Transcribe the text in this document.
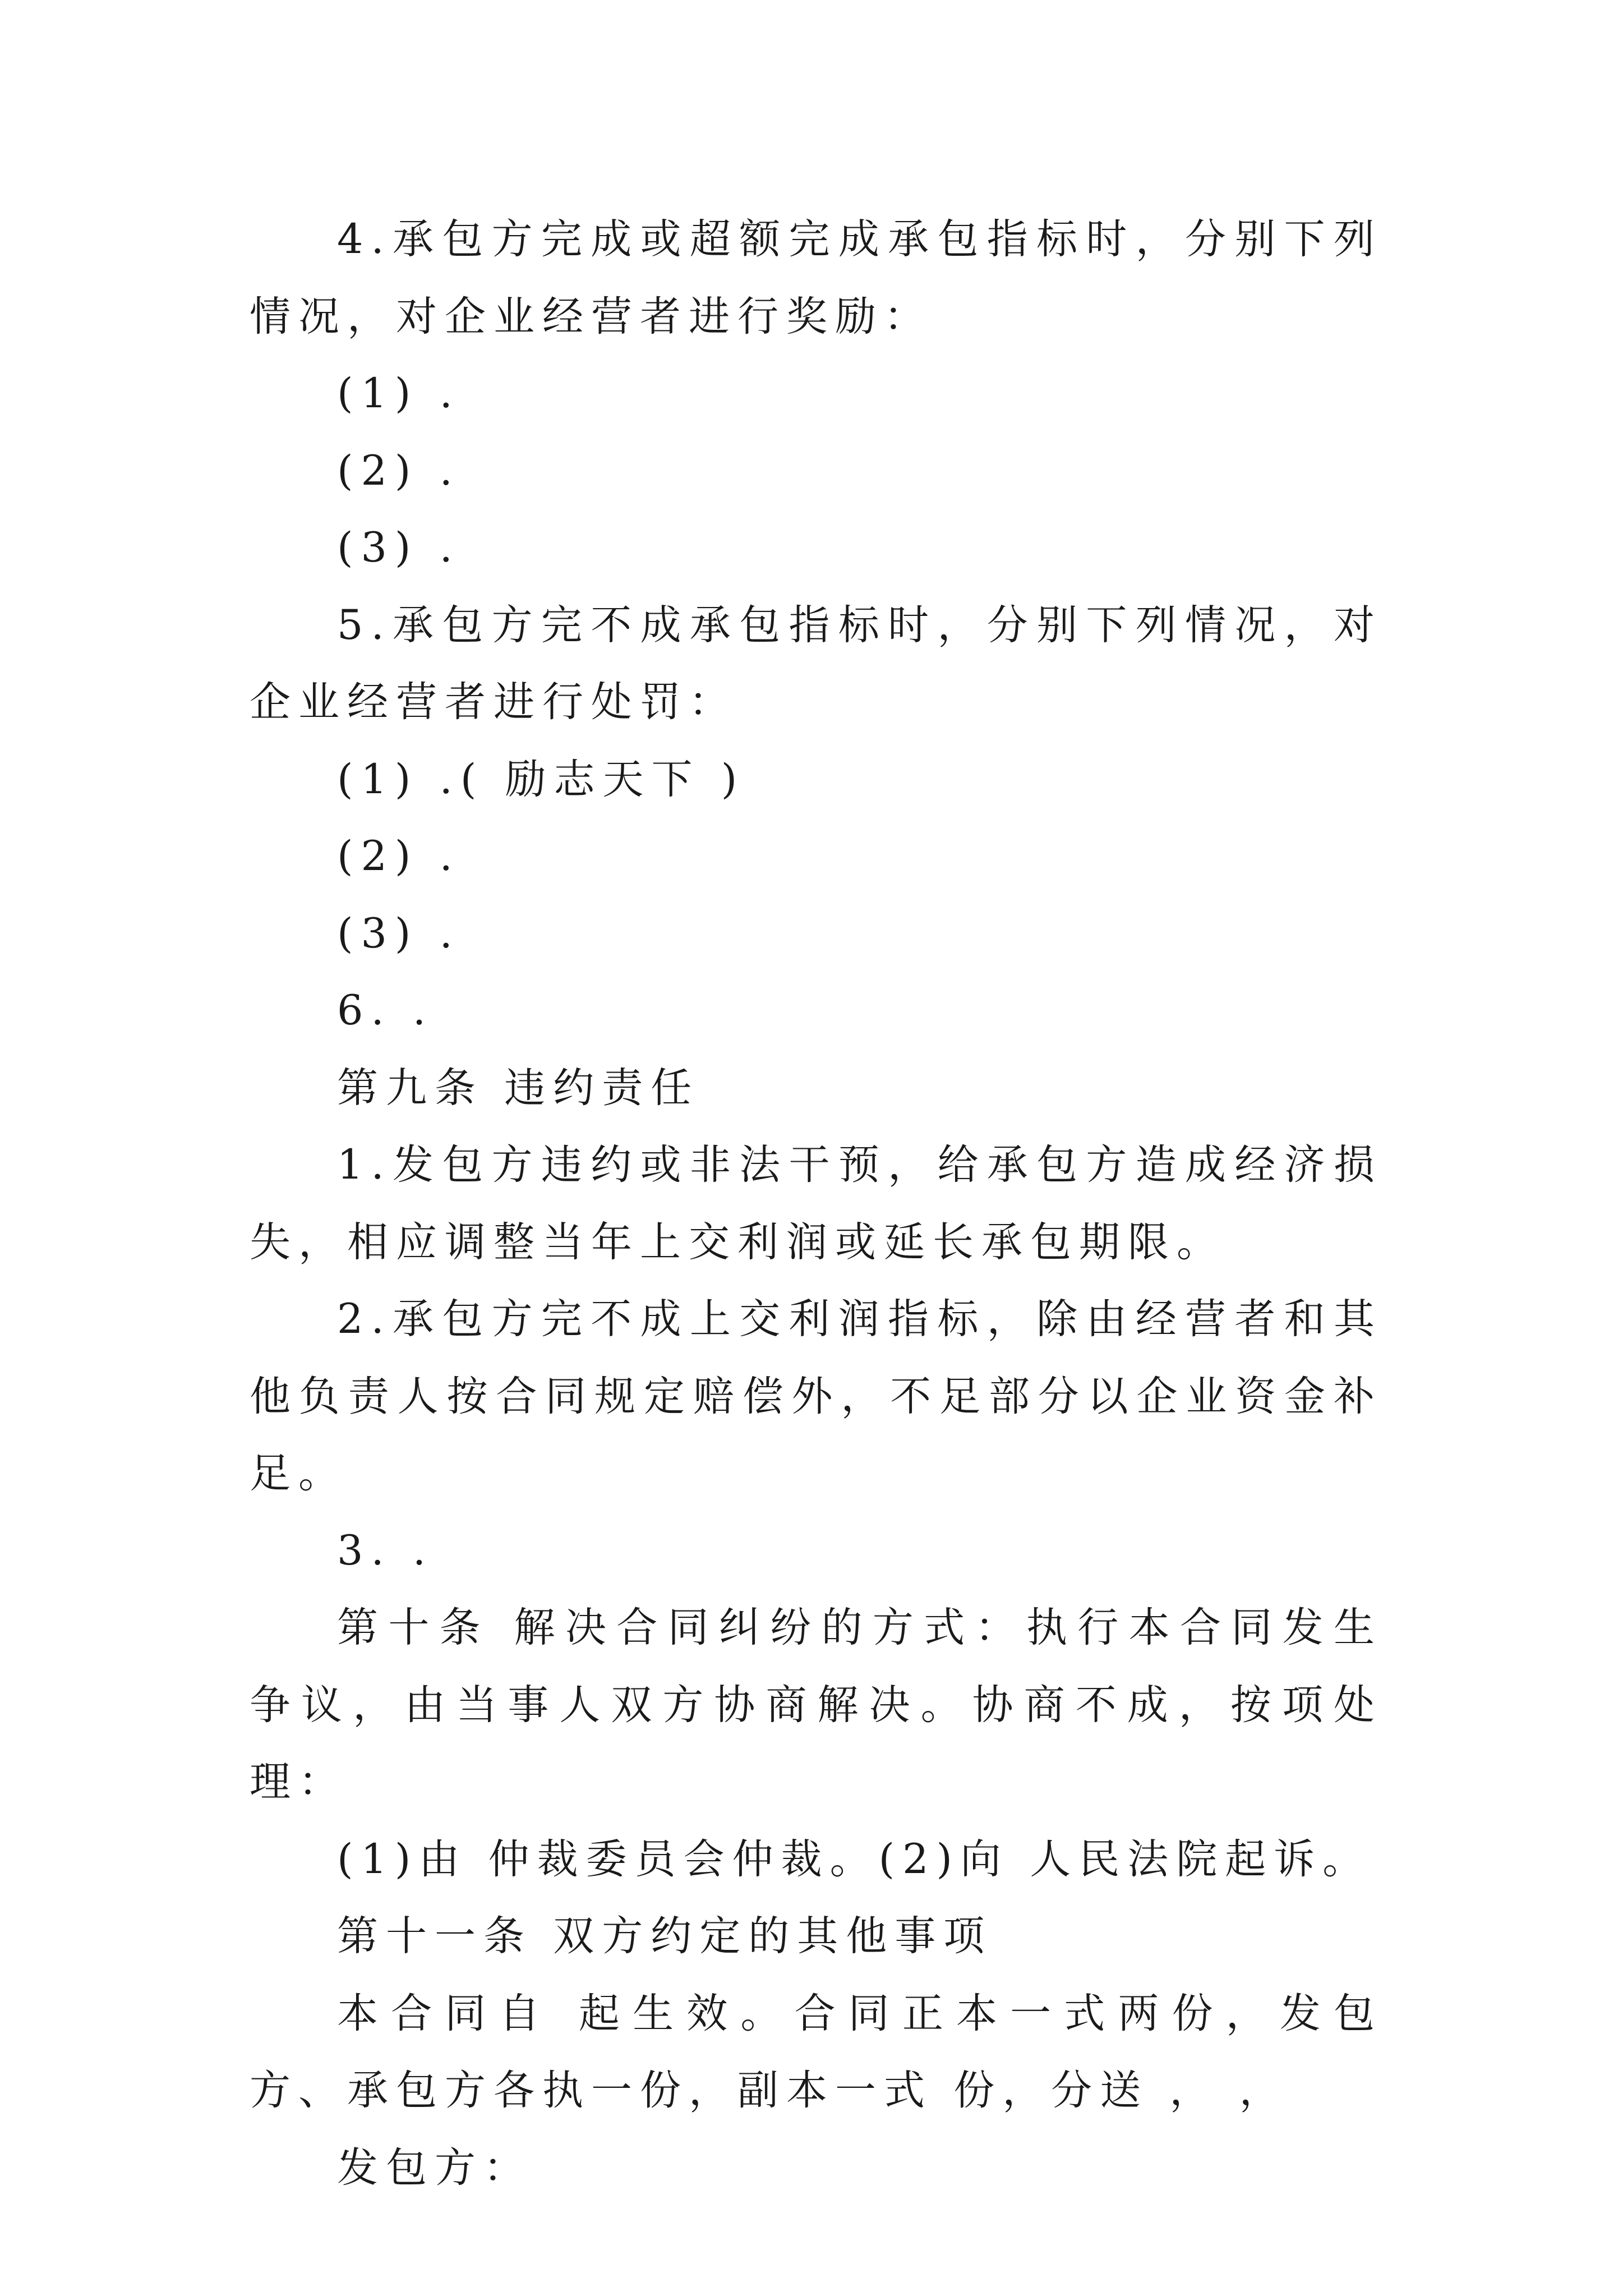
4.承包方完成或超额完成承包指标时，分别下列情况，对企业经营者进行奖励：

(1) .

(2) .

(3) .

5.承包方完不成承包指标时，分别下列情况，对企业经营者进行处罚：

(1) .( 励志天下 )

(2) .

(3) .

6. .

第九条 违约责任

1.发包方违约或非法干预，给承包方造成经济损失，相应调整当年上交利润或延长承包期限。

2.承包方完不成上交利润指标，除由经营者和其他负责人按合同规定赔偿外，不足部分以企业资金补足。

3. .

第十条 解决合同纠纷的方式：执行本合同发生争议，由当事人双方协商解决。协商不成，按项处理：

(1)由 仲裁委员会仲裁。(2)向 人民法院起诉。

第十一条 双方约定的其他事项

本合同自 起生效。合同正本一式两份，发包方、承包方各执一份，副本一式 份，分送 ， ，

发包方：
